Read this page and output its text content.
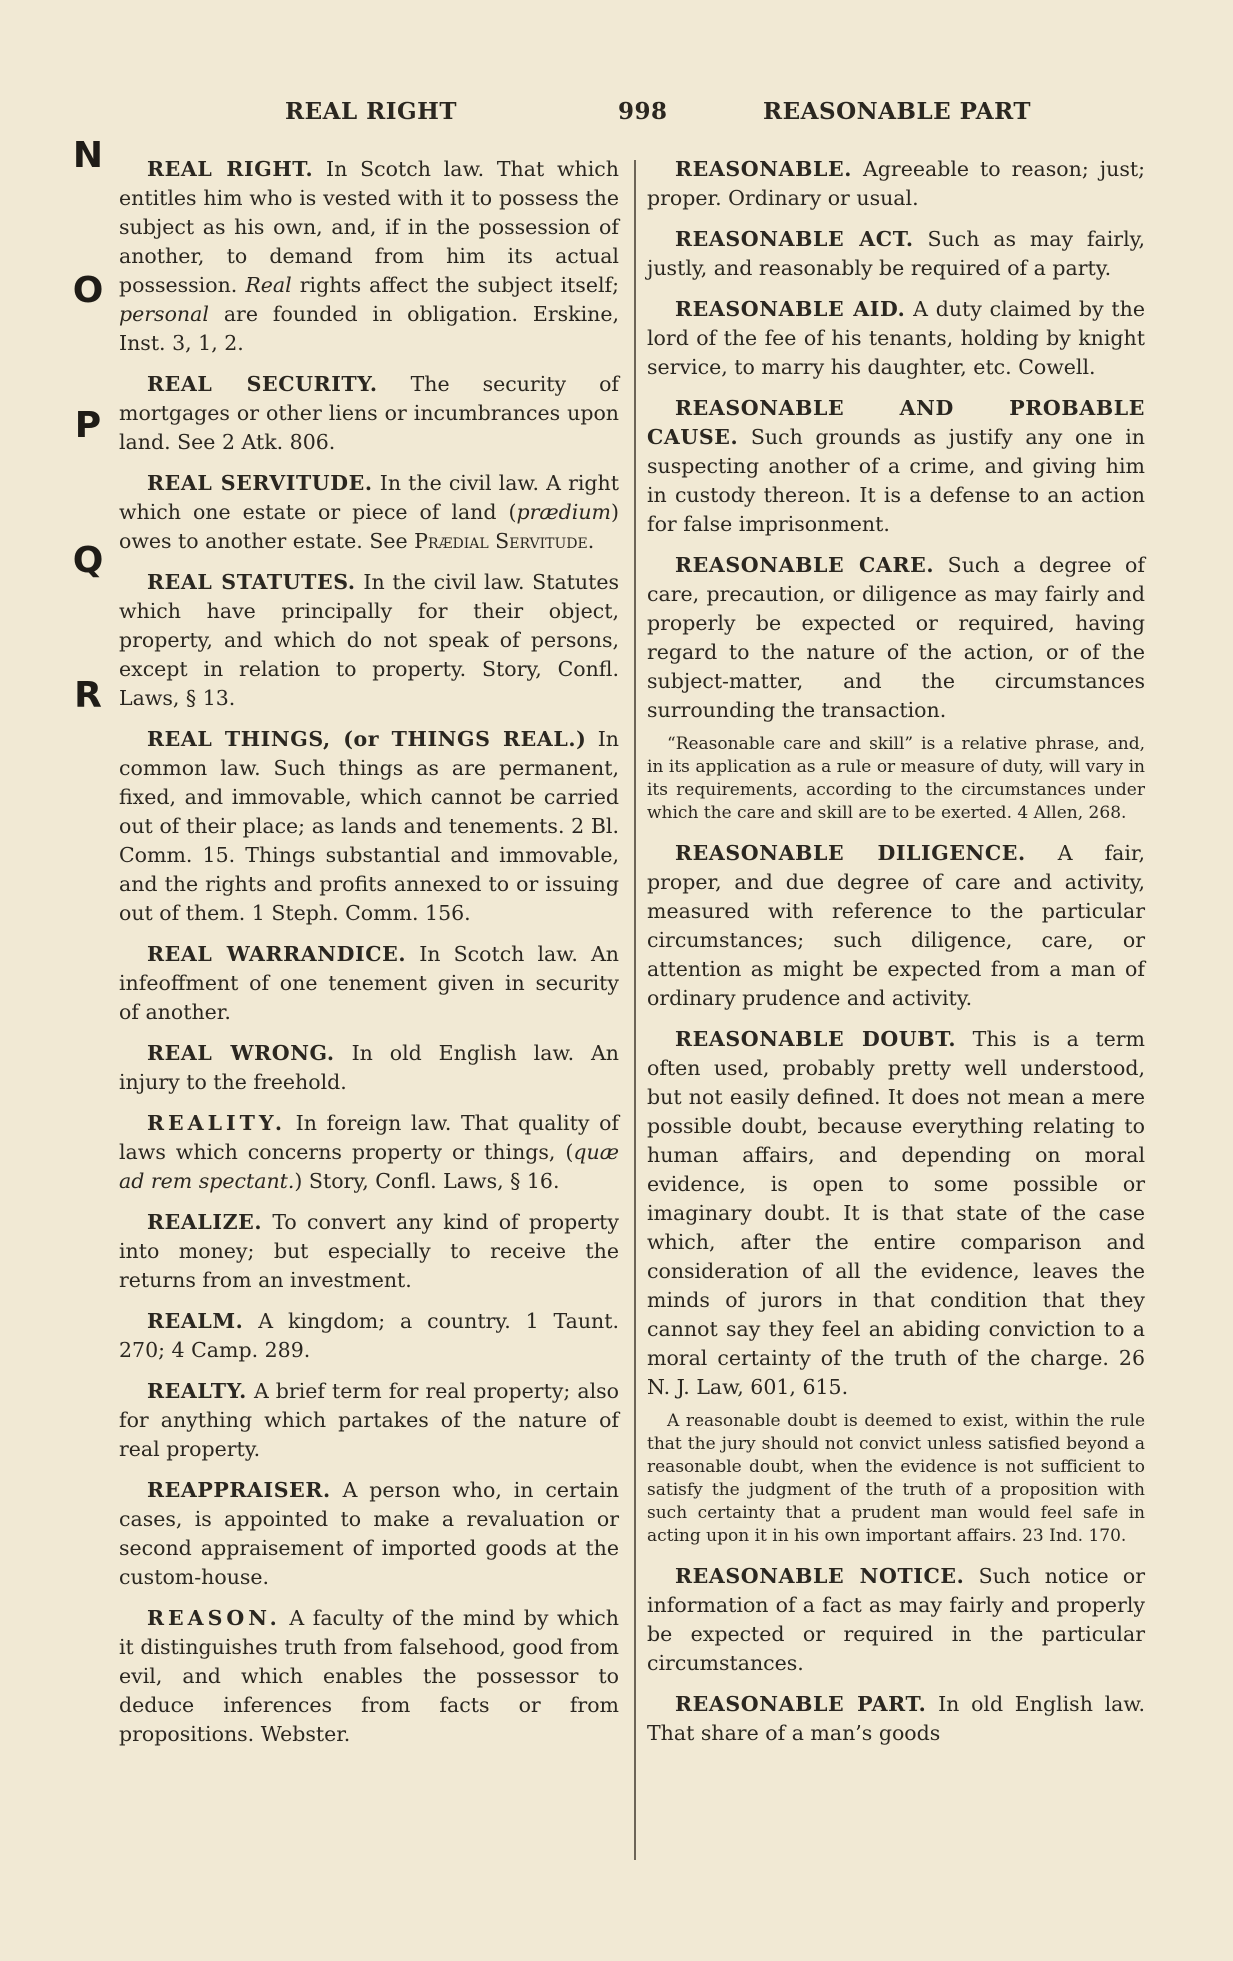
REAL RIGHT	998	REASONABLE PART
N
O
P
Q
R

REAL RIGHT. In Scotch law. That which entitles him who is vested with it to possess the subject as his own, and, if in the possession of another, to demand from him its actual possession. Real rights affect the subject itself; personal are founded in obligation. Erskine, Inst. 3, 1, 2.

REAL SECURITY. The security of mortgages or other liens or incumbrances upon land. See 2 Atk. 806.

REAL SERVITUDE. In the civil law. A right which one estate or piece of land (prædium) owes to another estate. See Prædial Servitude.

REAL STATUTES. In the civil law. Statutes which have principally for their object, property, and which do not speak of persons, except in relation to property. Story, Confl. Laws, § 13.

REAL THINGS, (or THINGS REAL.) In common law. Such things as are permanent, fixed, and immovable, which cannot be carried out of their place; as lands and tenements. 2 Bl. Comm. 15. Things substantial and immovable, and the rights and profits annexed to or issuing out of them. 1 Steph. Comm. 156.

REAL WARRANDICE. In Scotch law. An infeoffment of one tenement given in security of another.

REAL WRONG. In old English law. An injury to the freehold.

REALITY. In foreign law. That quality of laws which concerns property or things, (quæ ad rem spectant.) Story, Confl. Laws, § 16.

REALIZE. To convert any kind of property into money; but especially to receive the returns from an investment.

REALM. A kingdom; a country. 1 Taunt. 270; 4 Camp. 289.

REALTY. A brief term for real property; also for anything which partakes of the nature of real property.

REAPPRAISER. A person who, in certain cases, is appointed to make a revaluation or second appraisement of imported goods at the custom-house.

REASON. A faculty of the mind by which it distinguishes truth from falsehood, good from evil, and which enables the possessor to deduce inferences from facts or from propositions. Webster.

REASONABLE. Agreeable to reason; just; proper. Ordinary or usual.

REASONABLE ACT. Such as may fairly, justly, and reasonably be required of a party.

REASONABLE AID. A duty claimed by the lord of the fee of his tenants, holding by knight service, to marry his daughter, etc. Cowell.

REASONABLE AND PROBABLE CAUSE. Such grounds as justify any one in suspecting another of a crime, and giving him in custody thereon. It is a defense to an action for false imprisonment.

REASONABLE CARE. Such a degree of care, precaution, or diligence as may fairly and properly be expected or required, having regard to the nature of the action, or of the subject-matter, and the circumstances surrounding the transaction.

“Reasonable care and skill” is a relative phrase, and, in its application as a rule or measure of duty, will vary in its requirements, according to the circumstances under which the care and skill are to be exerted. 4 Allen, 268.

REASONABLE DILIGENCE. A fair, proper, and due degree of care and activity, measured with reference to the particular circumstances; such diligence, care, or attention as might be expected from a man of ordinary prudence and activity.

REASONABLE DOUBT. This is a term often used, probably pretty well understood, but not easily defined. It does not mean a mere possible doubt, because everything relating to human affairs, and depending on moral evidence, is open to some possible or imaginary doubt. It is that state of the case which, after the entire comparison and consideration of all the evidence, leaves the minds of jurors in that condition that they cannot say they feel an abiding conviction to a moral certainty of the truth of the charge. 26 N. J. Law, 601, 615.

A reasonable doubt is deemed to exist, within the rule that the jury should not convict unless satisfied beyond a reasonable doubt, when the evidence is not sufficient to satisfy the judgment of the truth of a proposition with such certainty that a prudent man would feel safe in acting upon it in his own important affairs. 23 Ind. 170.

REASONABLE NOTICE. Such notice or information of a fact as may fairly and properly be expected or required in the particular circumstances.

REASONABLE PART. In old English law. That share of a man’s goods
